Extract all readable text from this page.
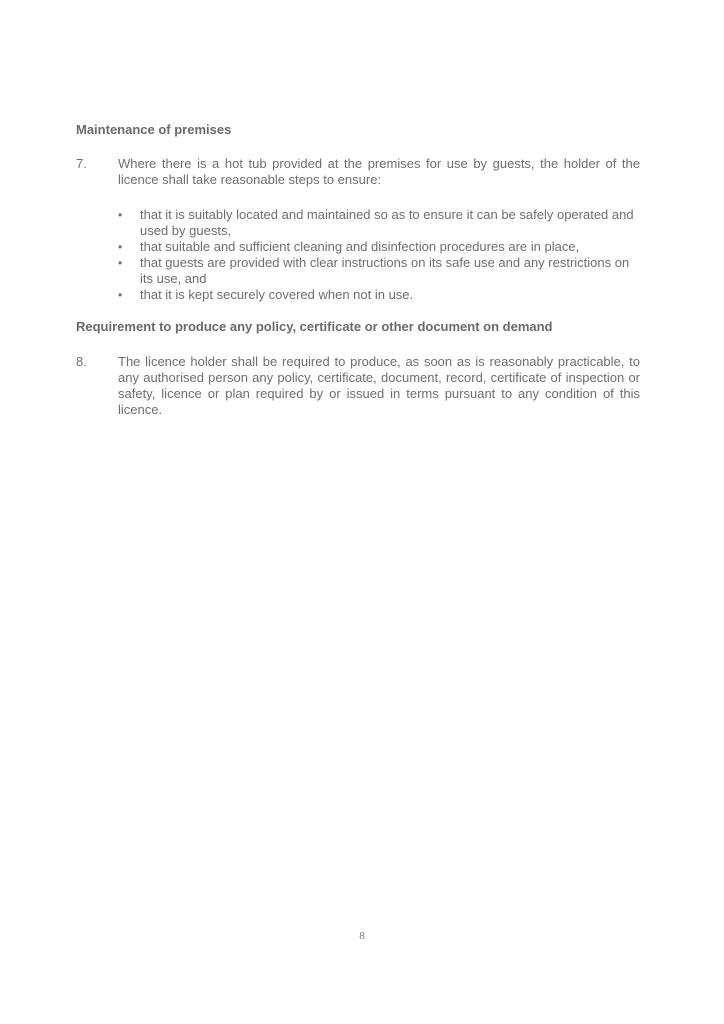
Maintenance of premises
7. Where there is a hot tub provided at the premises for use by guests, the holder of the licence shall take reasonable steps to ensure:
•	that it is suitably located and maintained so as to ensure it can be safely operated and used by guests,
•	that suitable and sufficient cleaning and disinfection procedures are in place,
•	that guests are provided with clear instructions on its safe use and any restrictions on its use, and
•	that it is kept securely covered when not in use.
Requirement to produce any policy, certificate or other document on demand
8. The licence holder shall be required to produce, as soon as is reasonably practicable, to any authorised person any policy, certificate, document, record, certificate of inspection or safety, licence or plan required by or issued in terms pursuant to any condition of this licence.
8
